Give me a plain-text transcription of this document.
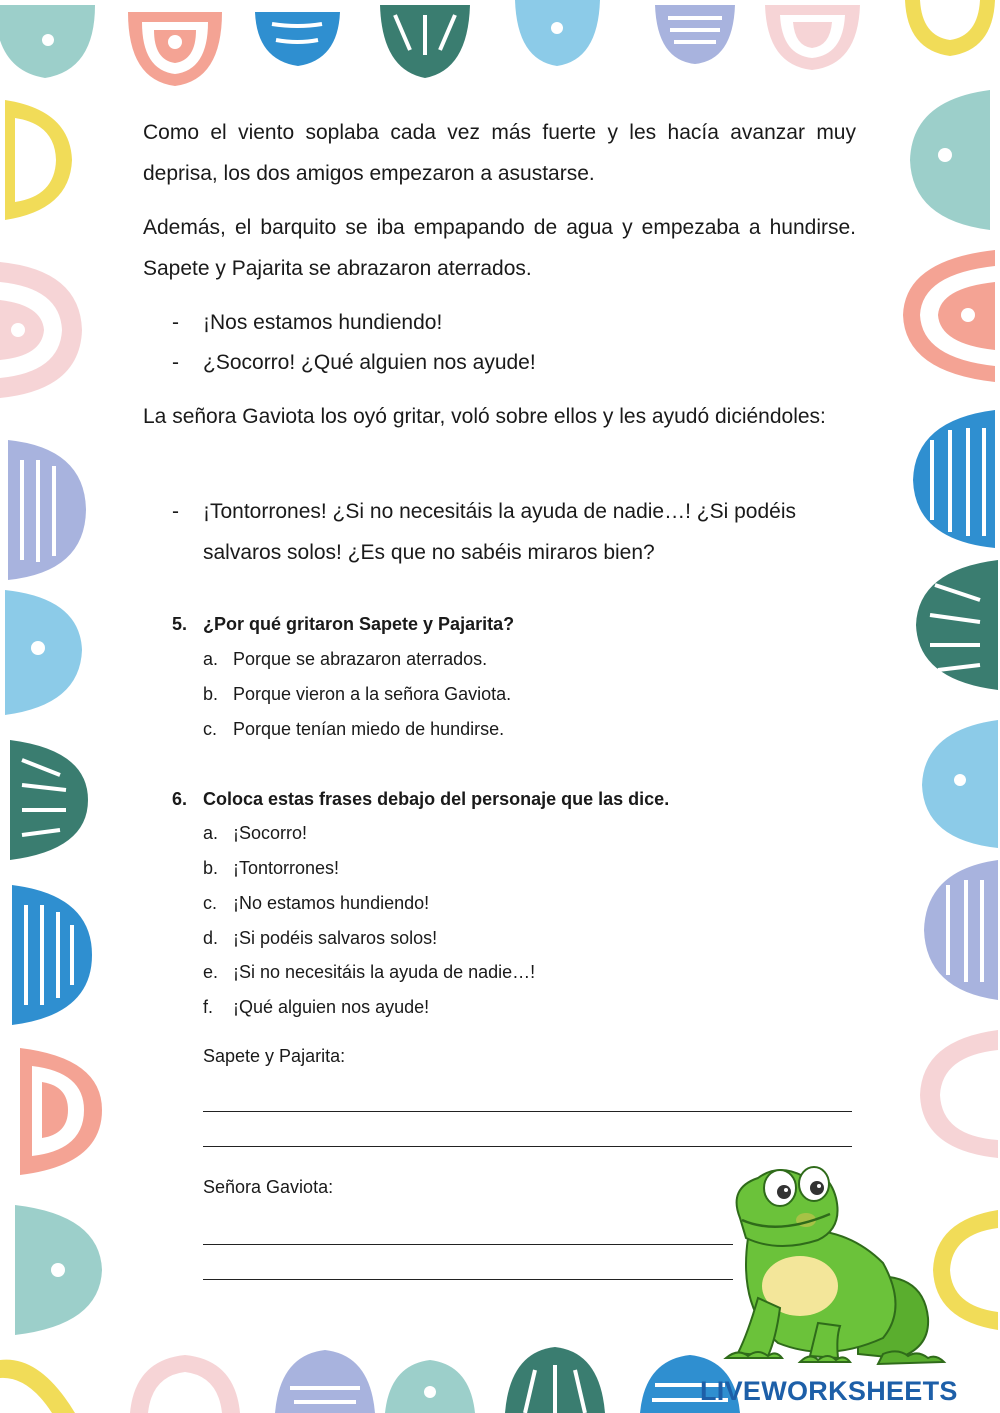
Como el viento soplaba cada vez más fuerte y les hacía avanzar muy deprisa, los dos amigos empezaron a asustarse.

Además, el barquito se iba empapando de agua y empezaba a hundirse. Sapete y Pajarita se abrazaron aterrados.

- ¡Nos estamos hundiendo!
- ¿Socorro! ¿Qué alguien nos ayude!

La señora Gaviota los oyó gritar, voló sobre ellos y les ayudó diciéndoles:

- ¡Tontorrones! ¿Si no necesitáis la ayuda de nadie…! ¿Si podéis salvaros solos! ¿Es que no sabéis miraros bien?
5. ¿Por qué gritaron Sapete y Pajarita?
a. Porque se abrazaron aterrados.
b. Porque vieron a la señora Gaviota.
c. Porque tenían miedo de hundirse.
6. Coloca estas frases debajo del personaje que las dice.
a. ¡Socorro!
b. ¡Tontorrones!
c. ¡No estamos hundiendo!
d. ¡Si podéis salvaros solos!
e. ¡Si no necesitáis la ayuda de nadie…!
f. ¡Qué alguien nos ayude!
Sapete y Pajarita:
Señora Gaviota:
LIVEWORKSHEETS
